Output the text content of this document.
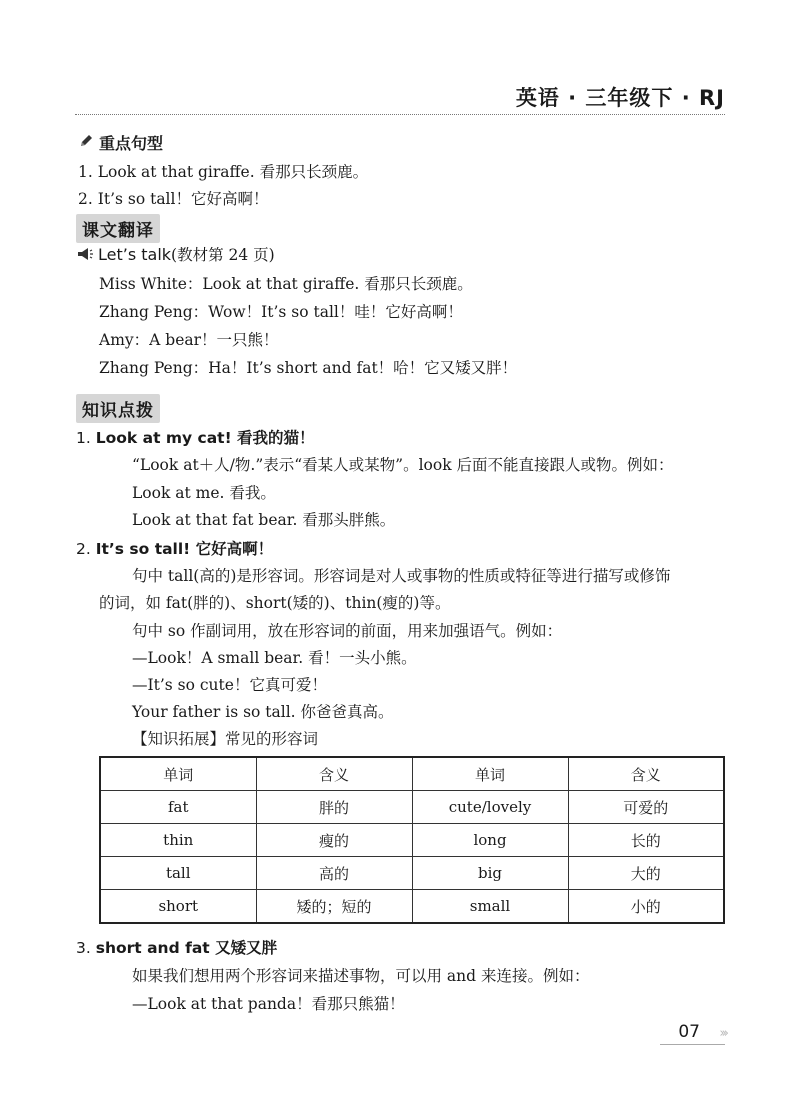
英语 · 三年级下 · RJ
重点句型
1. Look at that giraffe. 看那只长颈鹿。
2. It’s so tall！它好高啊！
课文翻译
Let’s talk(教材第 24 页)
Miss White：Look at that giraffe. 看那只长颈鹿。
Zhang Peng：Wow！It’s so tall！哇！它好高啊！
Amy：A bear！一只熊！
Zhang Peng：Ha！It’s short and fat！哈！它又矮又胖！
知识点拨
1. Look at my cat! 看我的猫！
“Look at＋人/物.”表示“看某人或某物”。look 后面不能直接跟人或物。例如：
Look at me. 看我。
Look at that fat bear. 看那头胖熊。
2. It’s so tall! 它好高啊！
句中 tall(高的)是形容词。形容词是对人或事物的性质或特征等进行描写或修饰
的词，如 fat(胖的)、short(矮的)、thin(瘦的)等。
句中 so 作副词用，放在形容词的前面，用来加强语气。例如：
—Look！A small bear. 看！一头小熊。
—It’s so cute！它真可爱！
Your father is so tall. 你爸爸真高。
【知识拓展】常见的形容词
单词	含义	单词	含义
fat	胖的	cute/lovely	可爱的
thin	瘦的	long	长的
tall	高的	big	大的
short	矮的；短的	small	小的
3. short and fat 又矮又胖
如果我们想用两个形容词来描述事物，可以用 and 来连接。例如：
—Look at that panda！看那只熊猫！
07 ›››
